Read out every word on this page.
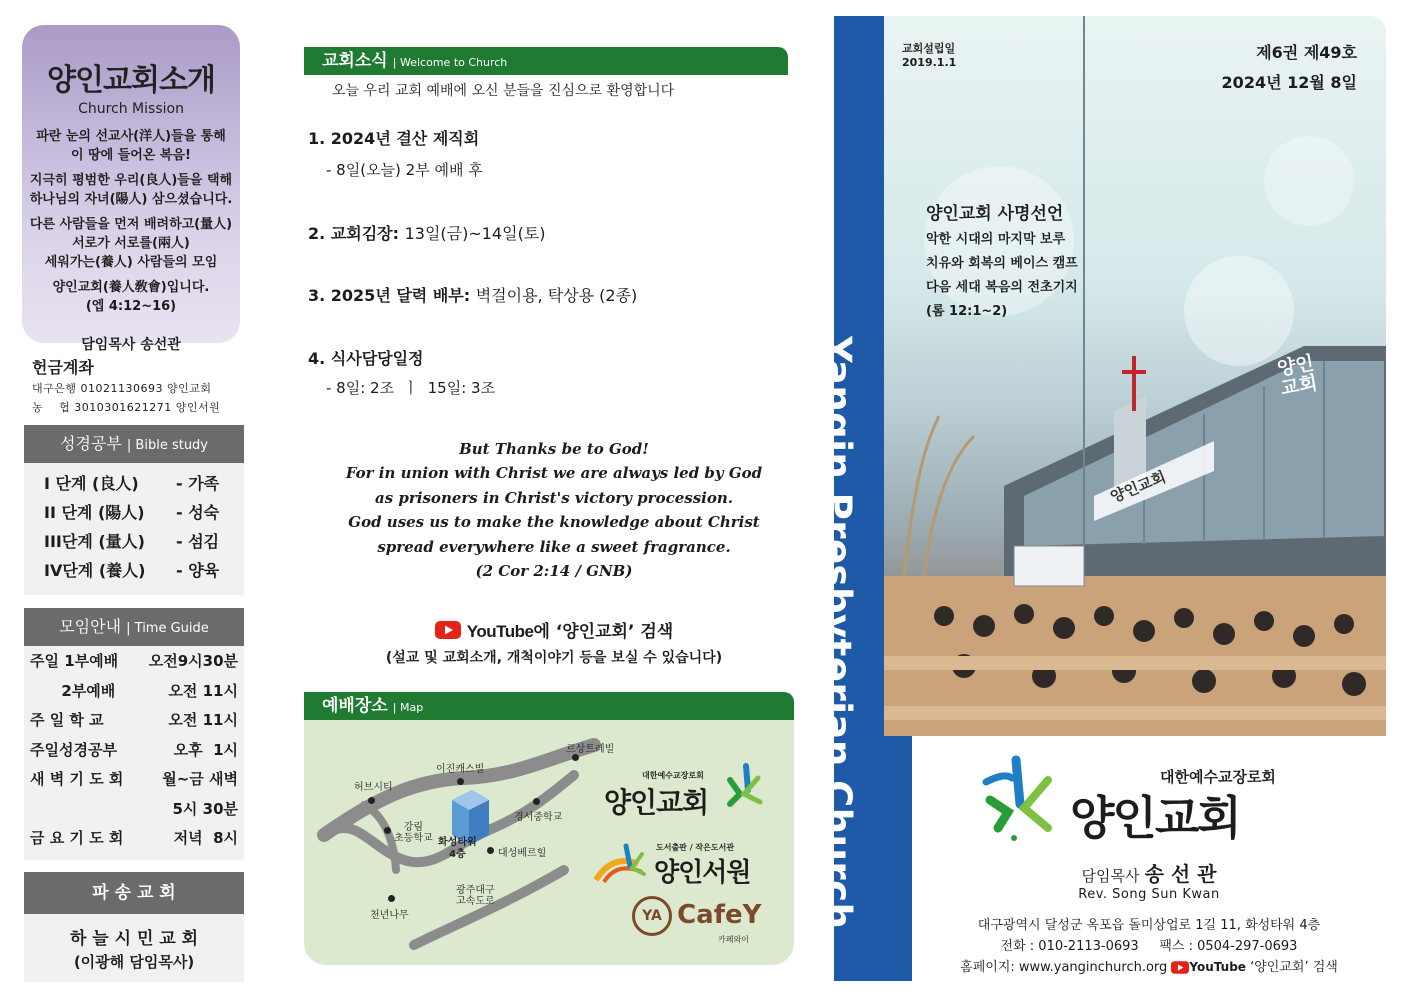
양인교회소개
Church Mission
파란 눈의 선교사(洋人)들을 통해
이 땅에 들어온 복음!
지극히 평범한 우리(良人)들을 택해
하나님의 자녀(陽人) 삼으셨습니다.
다른 사람들을 먼저 배려하고(量人)
서로가 서로를(兩人)
세워가는(養人) 사람들의 모임
양인교회(養人敎會)입니다.
(엡 4:12~16)
담임목사 송선관
헌금계좌
대구은행 01021130693 양인교회
농    협 3010301621271 양인서원
성경공부 | Bible study
I 단계 (良人) - 가족
II 단계 (陽人) - 성숙
III단계 (量人) - 섬김
IV단계 (養人) - 양육
모임안내 | Time Guide
주일 1부예배 오전9시30분
2부예배	오전 11시
주 일 학 교	오전 11시
주일성경공부	오후  1시
새 벽 기 도 회	월~금 새벽
5시 30분
금 요 기 도 회	저녁  8시
파 송 교 회
하 늘 시 민 교 회
(이광해 담임목사)
교회소식 | Welcome to Church
오늘 우리 교회 예배에 오신 분들을 진심으로 환영합니다
1. 2024년 결산 제직회
- 8일(오늘) 2부 예배 후
2. 교회김장: 13일(금)~14일(토)
3. 2025년 달력 배부: 벽걸이용, 탁상용 (2종)
4. 식사담당일정
- 8일: 2조  ㅣ  15일: 3조
But Thanks be to God!
For in union with Christ we are always led by God
as prisoners in Christ's victory procession.
God uses us to make the knowledge about Christ
spread everywhere like a sweet fragrance.
(2 Cor 2:14 / GNB)
YouTube에 ‘양인교회’ 검색
(설교 및 교회소개, 개척이야기 등을 보실 수 있습니다)
예배장소 | Map
허브시티
이진캐스빌
르상트레빌
강림
초등학교 화성타워
4층
경서중학교
대성베르힐
광주대구
고속도로
천년나무
대한예수교장로회
양인교회
도서출판 / 작은도서관
양인서원
YA CafeY
카페와이
Yangin Presbyterian Church	양인교회
양인
교회
교회설립일
2019.1.1
제6권 제49호
2024년 12월 8일
양인교회 사명선언
악한 시대의 마지막 보루
치유와 회복의 베이스 캠프
다음 세대 복음의 전초기지
(롬 12:1~2)
대한예수교장로회
양인교회
담임목사 송 선 관
Rev. Song Sun Kwan
대구광역시 달성군 옥포읍 돌미상업로 1길 11, 화성타워 4층
전화 : 010-2113-0693     팩스 : 0504-297-0693
홈페이지: www.yanginchurch.org YouTube ‘양인교회’ 검색
